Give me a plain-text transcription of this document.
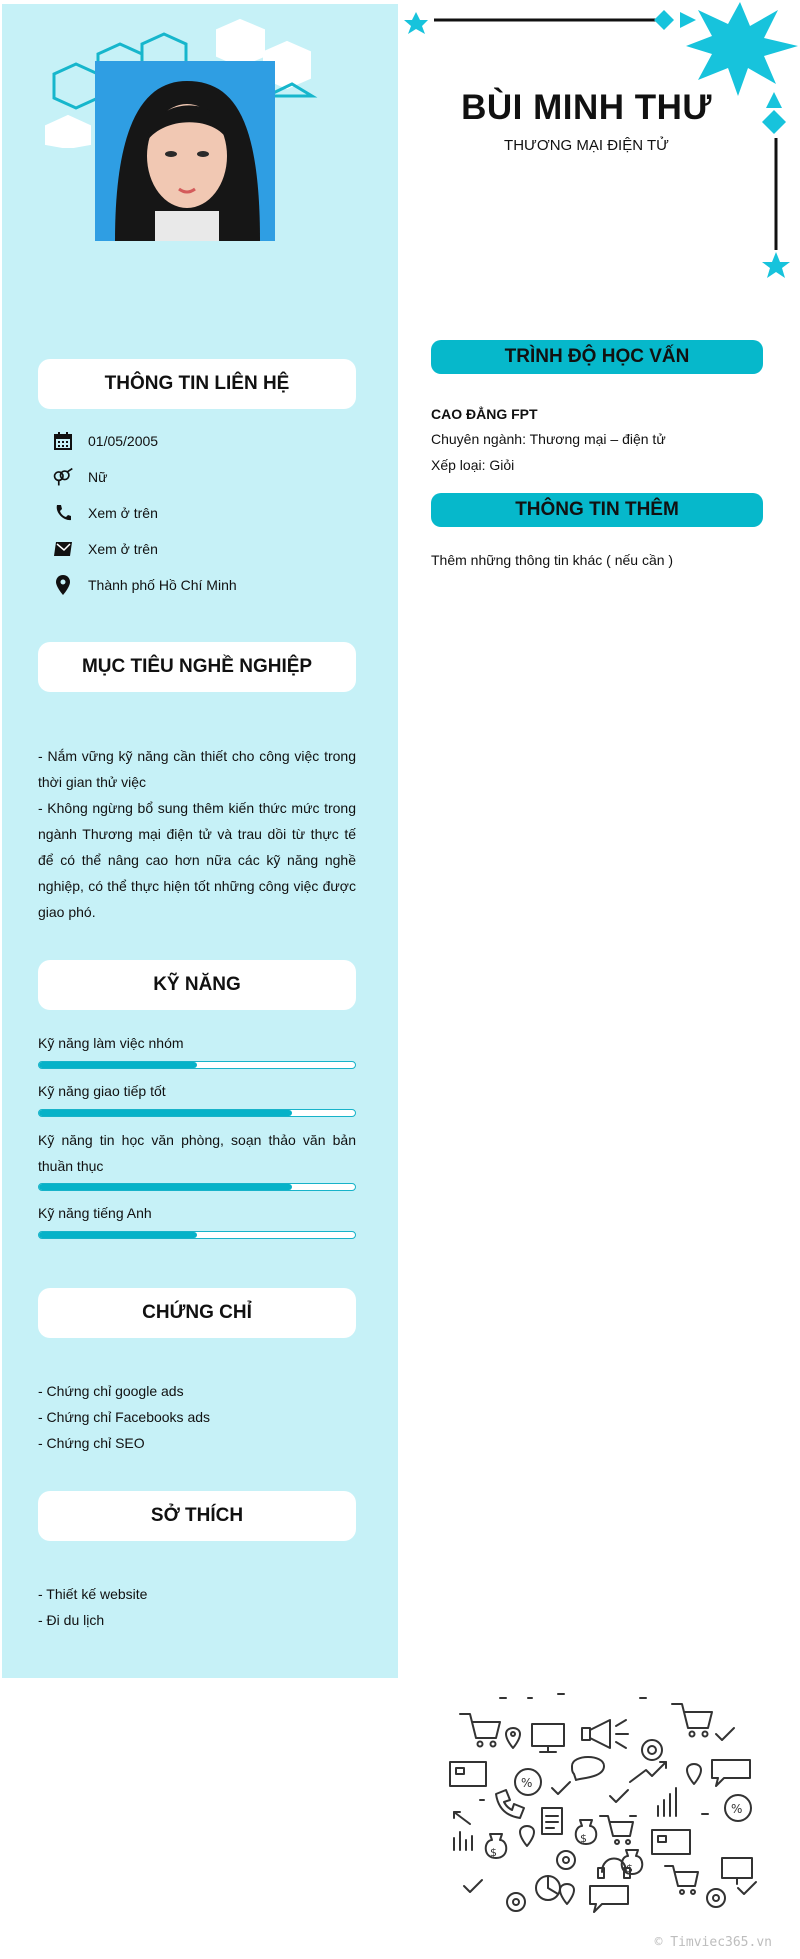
THÔNG TIN LIÊN HỆ
01/05/2005
Nữ
Xem ở trên
Xem ở trên
Thành phố Hồ Chí Minh
MỤC TIÊU NGHỀ NGHIỆP
- Nắm vững kỹ năng cần thiết cho công việc trong thời gian thử việc
- Không ngừng bổ sung thêm kiến thức mức trong ngành Thương mại điện tử và trau dồi từ thực tế để có thể nâng cao hơn nữa các kỹ năng nghề nghiệp, có thể thực hiện tốt những công việc được giao phó.
KỸ NĂNG
Kỹ năng làm việc nhóm
Kỹ năng giao tiếp tốt
Kỹ năng tin học văn phòng, soạn thảo văn bản thuần thục
Kỹ năng tiếng Anh
CHỨNG CHỈ
- Chứng chỉ google ads
- Chứng chỉ Facebooks ads
- Chứng chỉ SEO
SỞ THÍCH
- Thiết kế website
- Đi du lịch
BÙI MINH THƯ
THƯƠNG MẠI ĐIỆN TỬ
TRÌNH ĐỘ HỌC VẤN
CAO ĐẲNG FPT
Chuyên ngành: Thương mại – điện tử
Xếp loại: Giỏi
THÔNG TIN THÊM
Thêm những thông tin khác ( nếu cần )
%
%
$
$
$
© Timviec365.vn
